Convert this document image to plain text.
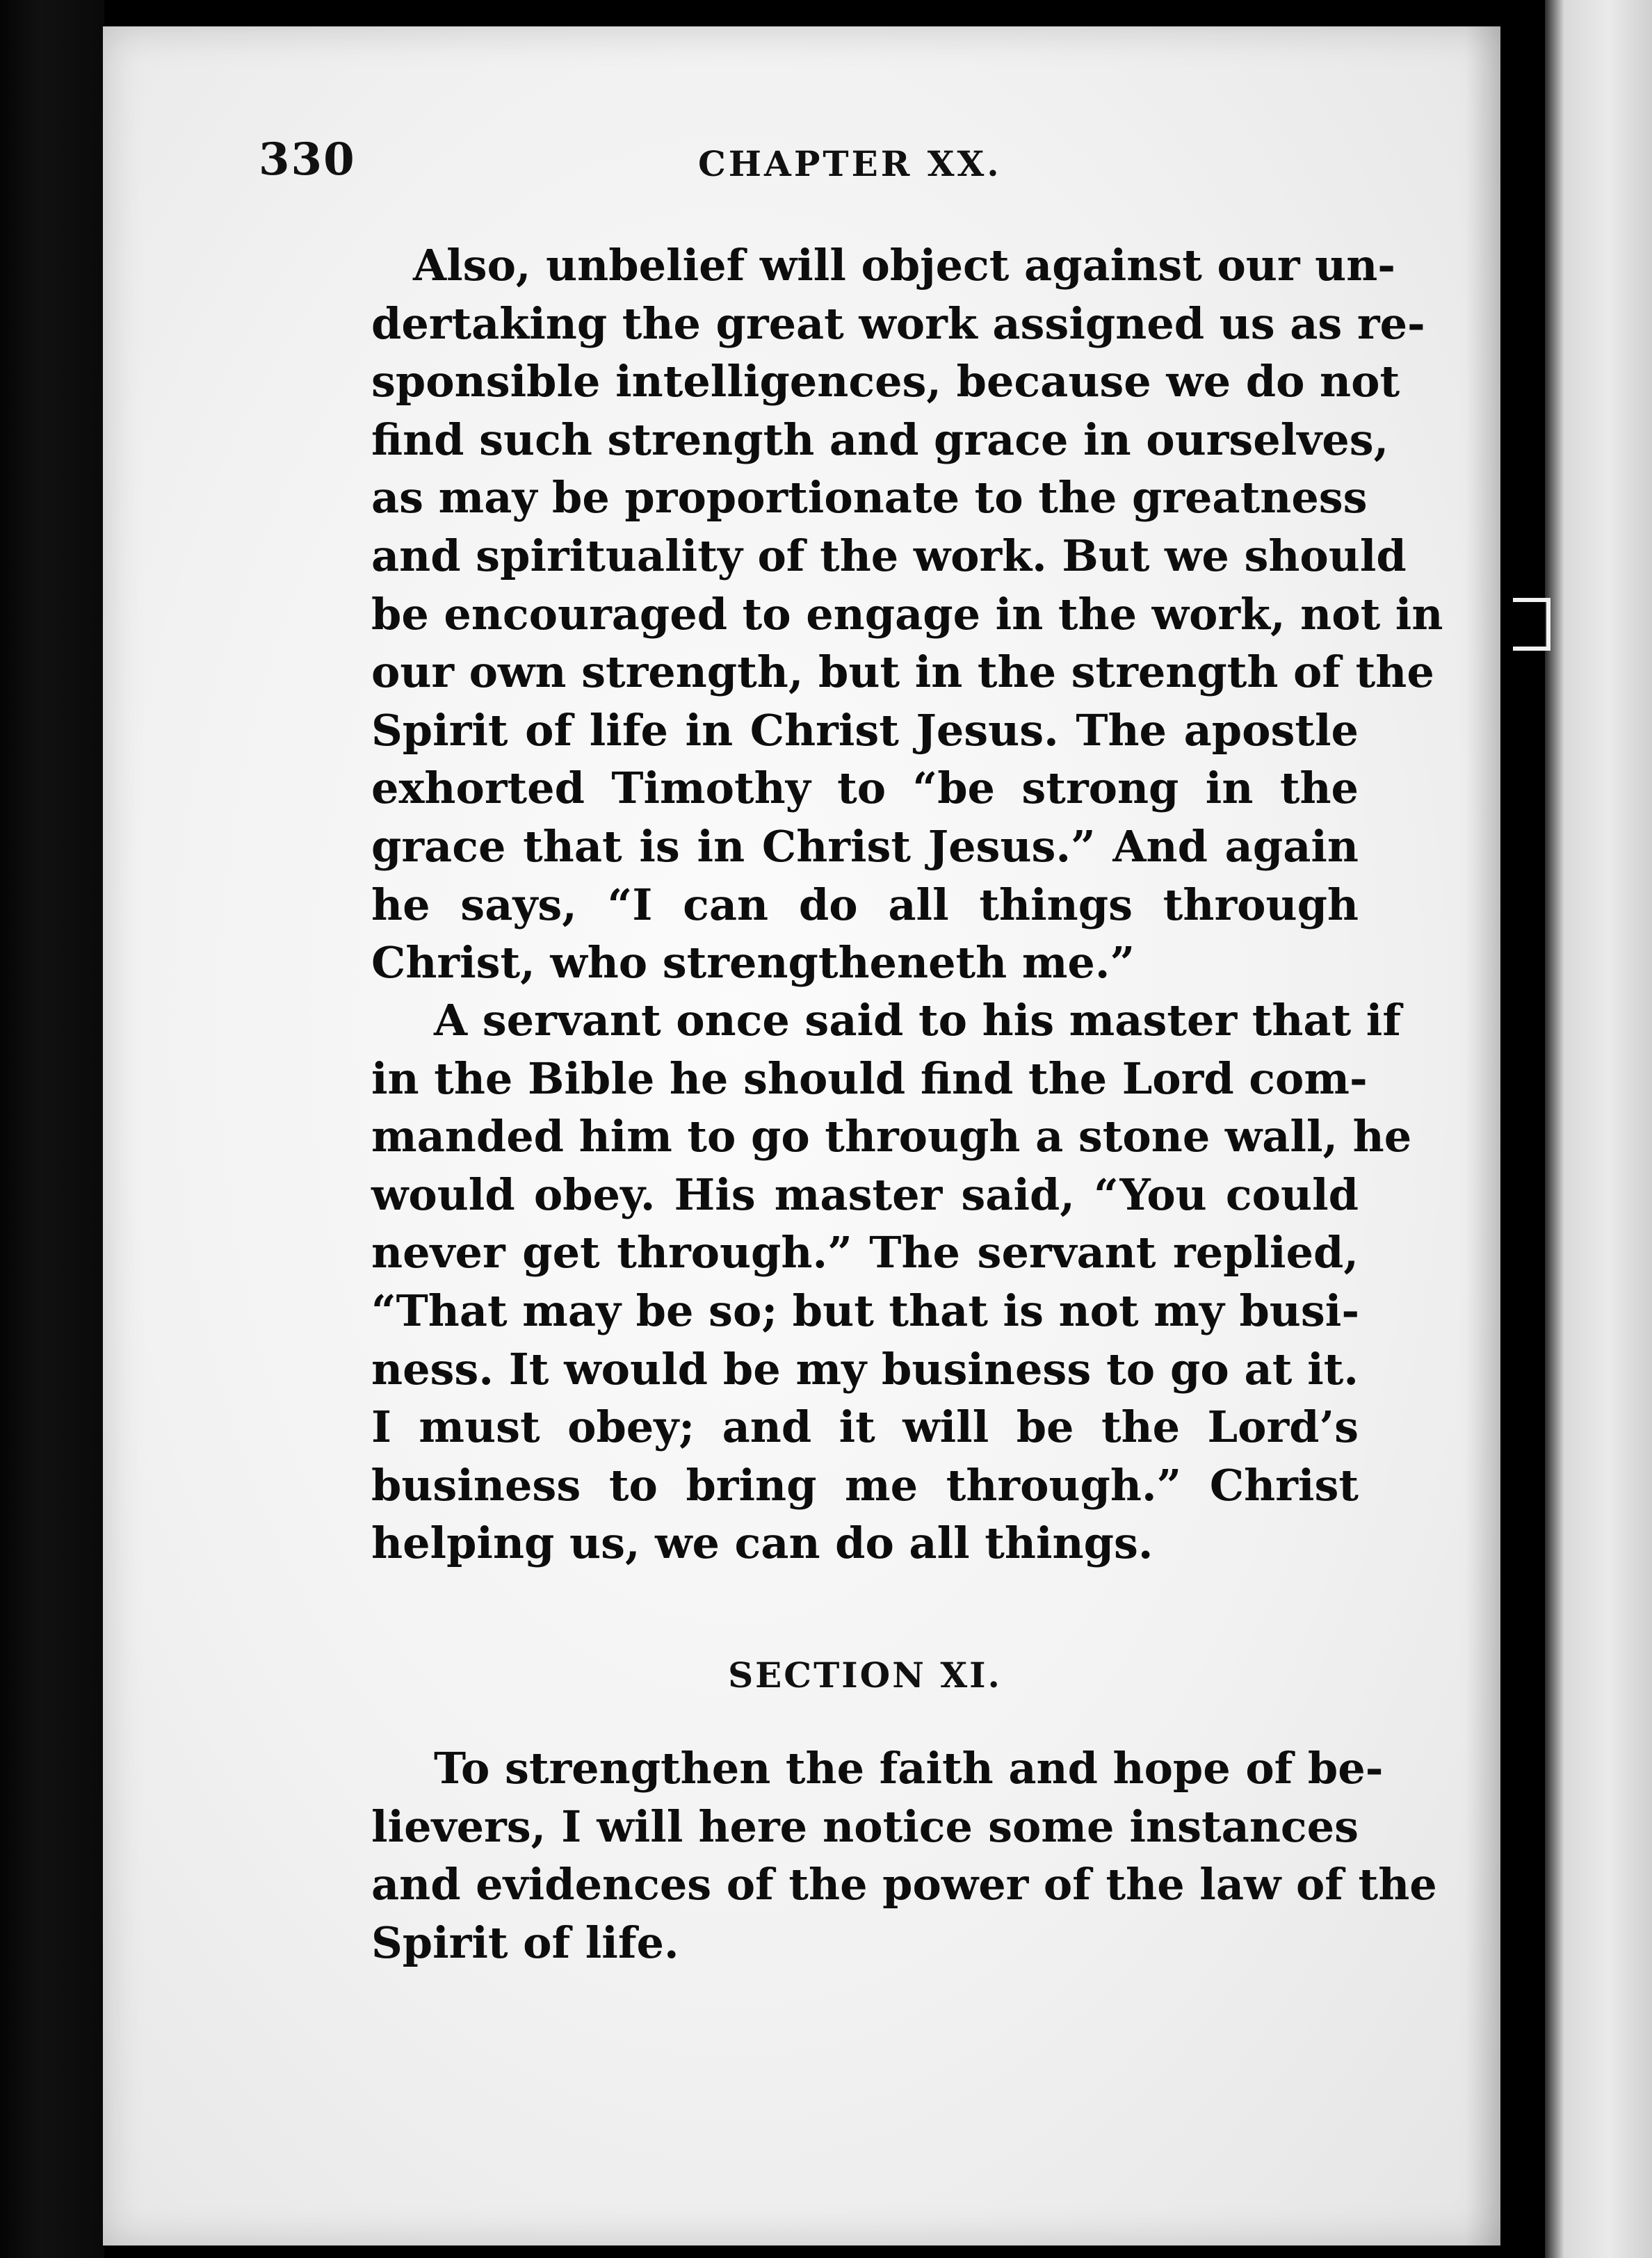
330	CHAPTER XX.
Also, unbelief will object against our un-
dertaking the great work assigned us as re-
sponsible intelligences, because we do not
find such strength and grace in ourselves,
as may be proportionate to the greatness
and spirituality of the work. But we should
be encouraged to engage in the work, not in
our own strength, but in the strength of the
Spirit of life in Christ Jesus. The apostle
exhorted Timothy to “be strong in the
grace that is in Christ Jesus.” And again
he says, “I can do all things through
Christ, who strengtheneth me.”
A servant once said to his master that if
in the Bible he should find the Lord com-
manded him to go through a stone wall, he
would obey. His master said, “You could
never get through.” The servant replied,
“That may be so; but that is not my busi-
ness. It would be my business to go at it.
I must obey; and it will be the Lord’s
business to bring me through.” Christ
helping us, we can do all things.
SECTION XI.
To strengthen the faith and hope of be-
lievers, I will here notice some instances
and evidences of the power of the law of the
Spirit of life.
